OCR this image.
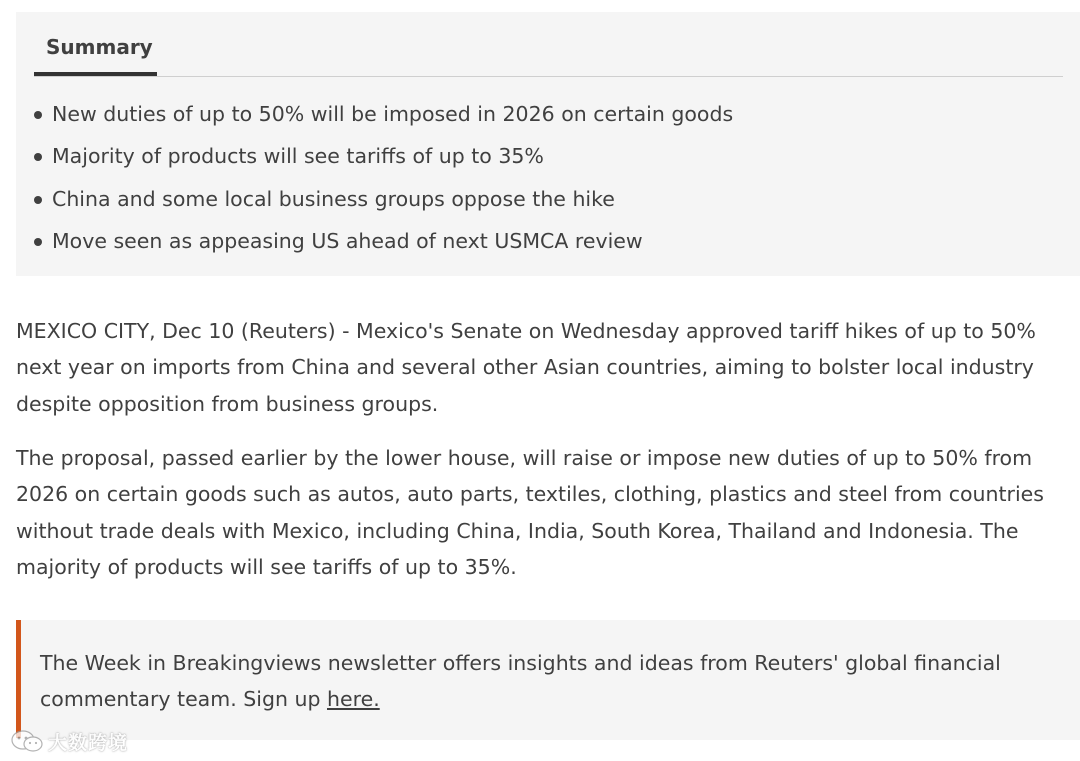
Summary
New duties of up to 50% will be imposed in 2026 on certain goods
Majority of products will see tariffs of up to 35%
China and some local business groups oppose the hike
Move seen as appeasing US ahead of next USMCA review

MEXICO CITY, Dec 10 (Reuters) - Mexico's Senate on Wednesday approved tariff hikes of up to 50% next year on imports from China and several other Asian countries, aiming to bolster local industry despite opposition from business groups.

The proposal, passed earlier by the lower house, will raise or impose new duties of up to 50% from 2026 on certain goods such as autos, auto parts, textiles, clothing, plastics and steel from countries without trade deals with Mexico, including China, India, South Korea, Thailand and Indonesia. The majority of products will see tariffs of up to 35%.

The Week in Breakingviews newsletter offers insights and ideas from Reuters' global financial commentary team. Sign up here.

大数跨境
